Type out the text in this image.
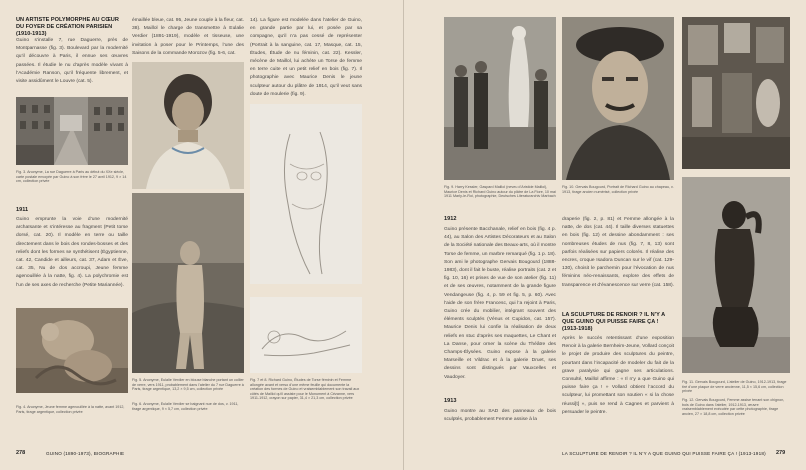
UN ARTISTE POLYMORPHE AU CŒUR DU FOYER DE CRÉATION PARISIEN (1910-1913)

Guino s’installe 7, rue Daguerre, près de Montparnasse (fig. 3). Boulevard par la modernité qu’il découvre à Paris, il ennue ses œuvres passées. Il étudie le nu d’après modèle vivant à l’Académie Ranson, qu’il fréquente librement, et visite assidûment le Louvre (cat. 5).

Fig. 3. Anonyme, La rue Daguerre à Paris au début du XXe siècle, carte postale envoyée par Guino à son frère le 27 avril 1912, 9 × 14 cm, collection privée

1911

Guino emprunte la voie d’une modernité archaïsante et s’intéresse au fragment (Petit torse dorsé, cat. 20). Il modèle en terre ou taille directement dans le bois des rondes-bosses et des reliefs dont les formes se synthétisent (Égyptienne, cat. 42, Candide et ailleurs, cat. 37, Adam et Ève, cat. 35, Nu de dos accroupi, Jeune femme agenouillée à la natte, fig. 4). La polychromie est l’un de ses axes de recherche (Petite Mariannée).

Fig. 4. Anonyme, Jeune femme agenouillée à la natte, avant 1912, Paris, tirage argentique, collection privée

émaillée bleue, cat. 95, Jeune couple à la fleur, cat. 38). Maillol le charge de transmettre à Eulalie Verdier (1891-1919), modèle et tisseuse, une invitation à poser pour le Printemps, l’une des Saisons de la commande Morozov (fig. 5-6, cat.

Fig. 5. Anonyme, Eulalie Verdier en blouse blanche portant un collier de verre, vers 1911, probablement dans l’atelier du 7 rue Daguerre à Paris, tirage argentique, 13,2 × 9,5 cm, collection privée

Fig. 6. Anonyme, Eulalie Verdier se baignant nue de dos, v. 1911, tirage argentique, 9 × 5,7 cm, collection privée

14). La figure est modelée dans l’atelier de Guino, en grande partie par lui, et posée par sa compagne, qu’il n’a pas cessé de représenter (Portrait à la sanguine, cat. 17, Masque, cat. 15, Études, Étude de nu féminin, cat. 22). Kessler, mécène de Maillol, lui achète un Torse de femme en terre cuite et un petit relief en bois (fig. 7). Il photographie avec Maurice Denis le jeune sculpteur autour du plâtre de 1914, qu’il veut sans doute de moulerie (fig. 9).

Fig. 7 et 8. Richard Guino, Études de Torse féminin et Femme allongée avant et verso d’une même feuille qui documente la création des formes de Guino et vraisemblablement son travail aux côtés de Maillol qu’il assiste pour le Monument à Cézanne, vers 1911-1912, crayon sur papier, 31,4 × 21,3 cm, collection privée

278	GUINO (1890-1973), BIOGRAPHIE

Fig. 9. Harry Kessler, Gaspard Maillol (neveu d’Aristide Maillol), Maurice Denis et Richard Guino autour du plâtre de La Flore, 10 mai 1911 Marly-le-Roi, photographie, Deutsches Literaturarchiv Marbach

Fig. 10. Gervais Bougourd, Portrait de Richard Guino au chapeau, v. 1913, tirage ancien numérisé, collection privée

1912

Guino présente Bacchanale, relief en bois (fig. 4 p. 44), au Salon des Artistes Décorateurs et au Salon de la Société nationale des Beaux-arts, où il montre Torse de femme, un marbre remarqué (fig. 1 p. 18). Son ami le photographe Gervais Bougourd (1888-1983), dont il fait le buste, réalise portraits (cat. 2 et fig. 10, 16) et prises de vue de son atelier (fig. 11) et de ses œuvres, notamment de la grande figure Vendangeuse (fig. 4, p. 59 et fig. 5, p. 60). Avec l’aide de son frère Francesc, qui l’a rejoint à Paris, Guino crée du mobilier, intégrant souvent des éléments sculptés (Vénus et Cupidon, cat. 157). Maurice Denis lui confie la réalisation de deux reliefs en stuc d’après ses maquettes, Le Chant et La Danse, pour orner la scène du Théâtre des Champs-Élysées. Guino expose à la galerie Marseille et Vildrac et à la galerie Druet, ses dessins sont distingués par Vauxcelles et Vaudoyer.

1913

Guino montre au SAD des panneaux de bois sculptés, probablement Femme assise à la

draperie (fig. 2, p. 81) et Femme allongée à la natte, de dos (cat. 44). Il taille diverses statuettes en bois (fig. 12) et dessine abondamment : ses nombreuses études de nus (fig. 7, 8, 13) sont parfois réalisées sur papiers colorés. Il réalise des encres, croque Isadora Duncan sur le vif (cat. 129-130), choisit le parchemin pour l’évocation de nus féminins néo-renaissants, explore des effets de transparence et d’évanescence sur verre (cat. 158).

LA SCULPTURE DE RENOIR ? IL N’Y A QUE GUINO QUI PUISSE FAIRE ÇA ! (1913-1918)

Après le succès retentissant d’une exposition Renoir à la galerie Bernheim-Jeune, Vollard conçoit le projet de produire des sculptures du peintre, pourtant dans l’incapacité de modeler du fait de la grave paralysie qui gagne ses articulations. Consulté, Maillol affirme : « Il n’y a que Guino qui puisse faire ça ! » Vollard obtient l’accord du sculpteur, lui promettant son soutien « si la chose réussi[t] », puis se rend à Cagnes et parvient à persuader le peintre.

Fig. 11. Gervais Bougourd, L’atelier de Guino, 1912-1913, tirage tiré d’une plaque de verre ancienne, 11,5 × 15,6 cm, collection privée

Fig. 12. Gervais Bougourd, Femme assise tenant son chignon, bois de Guino dans l’atelier, 1912-1913, œuvre vraisemblablement exécutée par cette photographie, tirage ancien, 27 × 18,8 cm, collection privée

LA SCULPTURE DE RENOIR ? IL N’Y A QUE GUINO QUI PUISSE FAIRE ÇA ! (1913-1918) 279
